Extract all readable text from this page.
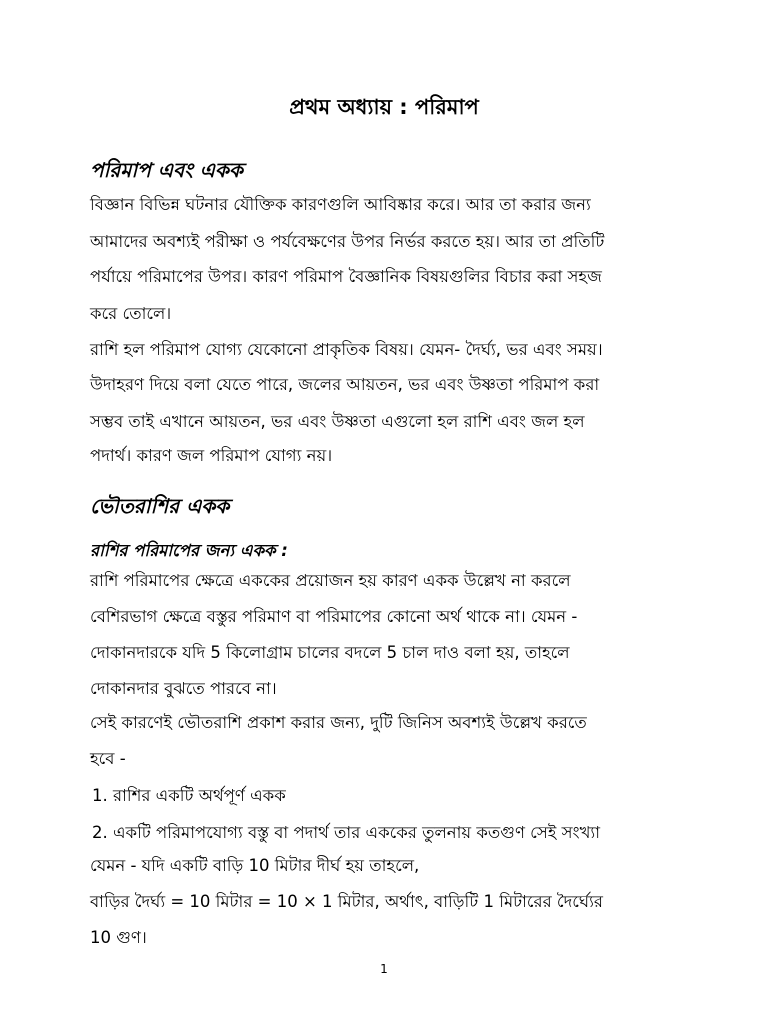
প্রথম অধ্যায় : পরিমাপ
পরিমাপ এবং একক
বিজ্ঞান বিভিন্ন ঘটনার যৌক্তিক কারণগুলি আবিষ্কার করে। আর তা করার জন্য
আমাদের অবশ্যই পরীক্ষা ও পর্যবেক্ষণের উপর নির্ভর করতে হয়। আর তা প্রতিটি
পর্যায়ে পরিমাপের উপর। কারণ পরিমাপ বৈজ্ঞানিক বিষয়গুলির বিচার করা সহজ
করে তোলে।
রাশি হল পরিমাপ যোগ্য যেকোনো প্রাকৃতিক বিষয়। যেমন- দৈর্ঘ্য, ভর এবং সময়।
উদাহরণ দিয়ে বলা যেতে পারে, জলের আয়তন, ভর এবং উষ্ণতা পরিমাপ করা
সম্ভব তাই এখানে আয়তন, ভর এবং উষ্ণতা এগুলো হল রাশি এবং জল হল
পদার্থ। কারণ জল পরিমাপ যোগ্য নয়।
ভৌতরাশির একক
রাশির পরিমাপের জন্য একক :
রাশি পরিমাপের ক্ষেত্রে এককের প্রয়োজন হয় কারণ একক উল্লেখ না করলে
বেশিরভাগ ক্ষেত্রে বস্তুর পরিমাণ বা পরিমাপের কোনো অর্থ থাকে না। যেমন -
দোকানদারকে যদি 5 কিলোগ্রাম চালের বদলে 5 চাল দাও বলা হয়, তাহলে
দোকানদার বুঝতে পারবে না।
সেই কারণেই ভৌতরাশি প্রকাশ করার জন্য, দুটি জিনিস অবশ্যই উল্লেখ করতে
হবে -
1. রাশির একটি অর্থপূর্ণ একক
2. একটি পরিমাপযোগ্য বস্তু বা পদার্থ তার এককের তুলনায় কতগুণ সেই সংখ্যা
যেমন - যদি একটি বাড়ি 10 মিটার দীর্ঘ হয় তাহলে,
বাড়ির দৈর্ঘ্য = 10 মিটার = 10 × 1 মিটার, অর্থাৎ, বাড়িটি 1 মিটারের দৈর্ঘ্যের
10 গুণ।
1
